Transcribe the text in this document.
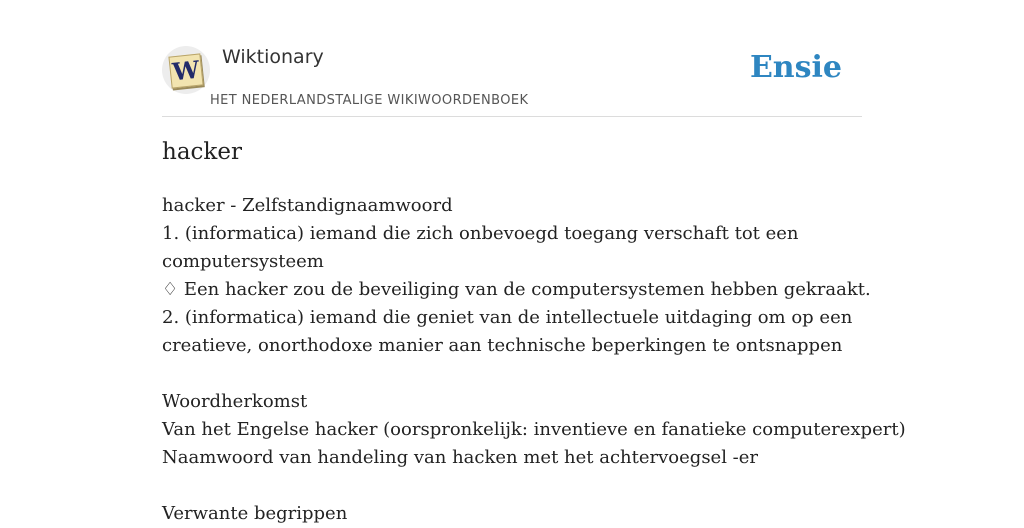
W Wiktionary
HET NEDERLANDSTALIGE WIKIWOORDENBOEK
Ensie
hacker
hacker - Zelfstandignaamwoord
1. (informatica) iemand die zich onbevoegd toegang verschaft tot een
computersysteem
♢ Een hacker zou de beveiliging van de computersystemen hebben gekraakt.
2. (informatica) iemand die geniet van de intellectuele uitdaging om op een
creatieve, onorthodoxe manier aan technische beperkingen te ontsnappen
Woordherkomst
Van het Engelse hacker (oorspronkelijk: inventieve en fanatieke computerexpert)
Naamwoord van handeling van hacken met het achtervoegsel -er
Verwante begrippen
